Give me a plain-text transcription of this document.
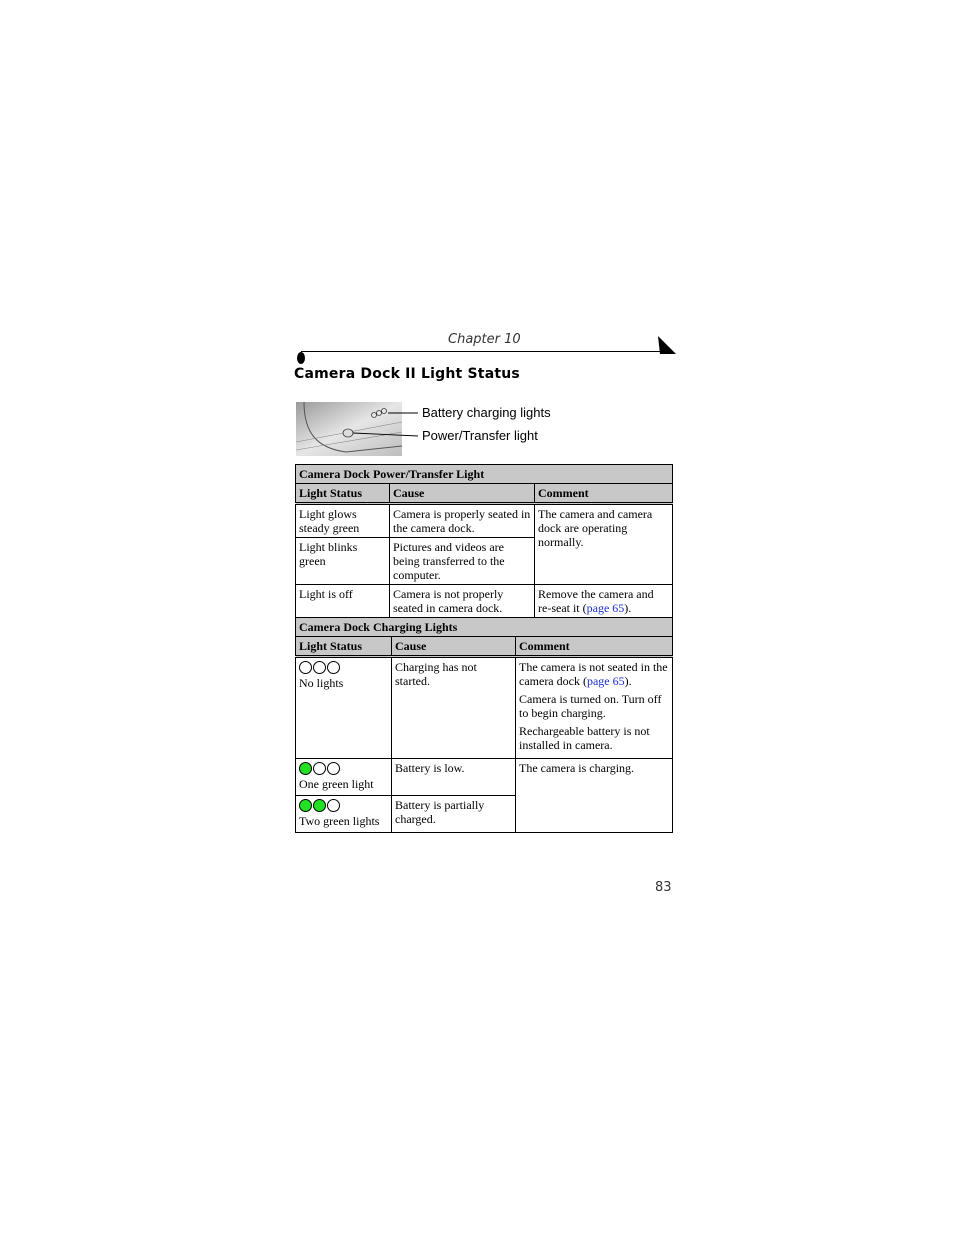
Chapter 10
Camera Dock II Light Status
Battery charging lights
Power/Transfer light
Camera Dock Power/Transfer Light		
Light Status	Cause	Comment
Light glows steady green	Camera is properly seated in the camera dock.	The camera and camera dock are operating normally.
Light blinks green	Pictures and videos are being transferred to the computer.	
Light is off	Camera is not properly seated in camera dock.	Remove the camera and re-seat it (page 65).
Camera Dock Charging Lights		
Light Status	Cause	Comment

No lights	Charging has not started.	The camera is not seated in the camera dock (page 65).

Camera is turned on. Turn off to begin charging.

Rechargeable battery is not installed in camera.

One green light	Battery is low.	The camera is charging.

Two green lights	Battery is partially charged.	
83
